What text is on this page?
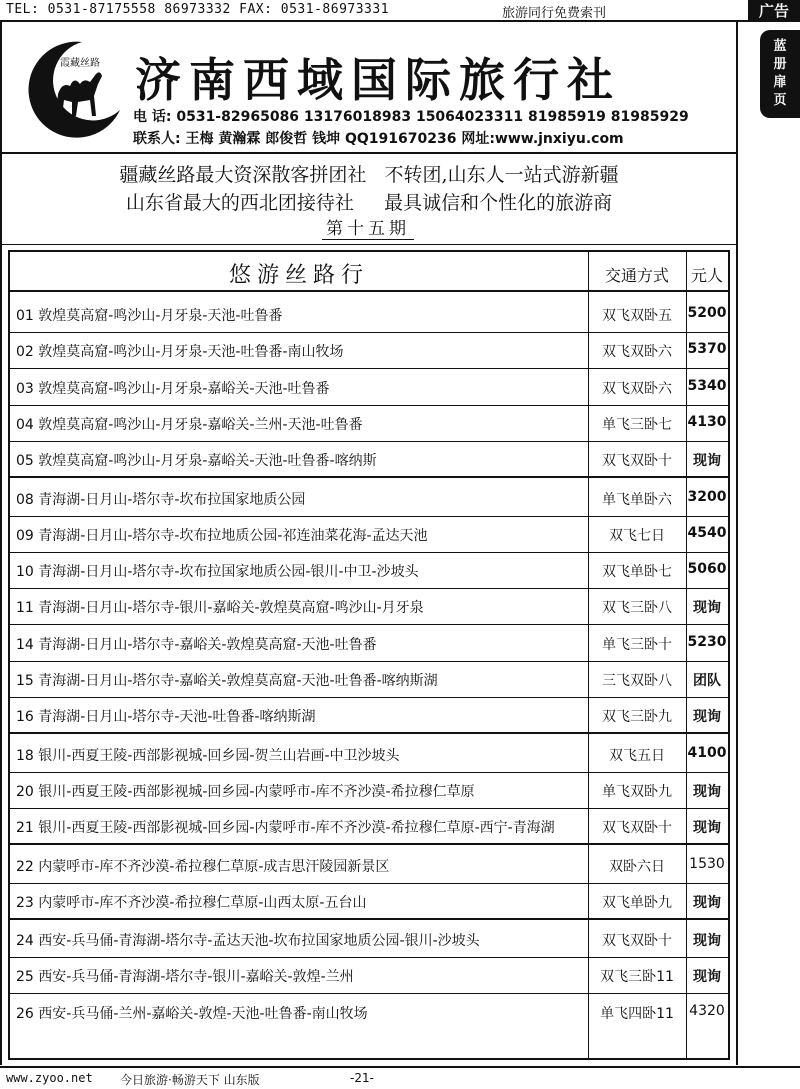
TEL: 0531-87175558 86973332 FAX: 0531-86973331	旅游同行免费索刊	广告
蓝
册
扉
页
霞藏丝路 济南西域国际旅行社
电 话: 0531-82965086 13176018983 15064023311 81985919 81985929
联系人: 王梅 黄瀚霖 郎俊哲 钱坤 QQ191670236 网址:www.jnxiyu.com
疆藏丝路最大资深散客拼团社   不转团,山东人一站式游新疆
山东省最大的西北团接待社     最具诚信和个性化的旅游商
第十五期
悠游丝路行	交通方式	元人
01 敦煌莫高窟-鸣沙山-月牙泉-天池-吐鲁番	双飞双卧五	5200
02 敦煌莫高窟-鸣沙山-月牙泉-天池-吐鲁番-南山牧场	双飞双卧六	5370
03 敦煌莫高窟-鸣沙山-月牙泉-嘉峪关-天池-吐鲁番	双飞双卧六	5340
04 敦煌莫高窟-鸣沙山-月牙泉-嘉峪关-兰州-天池-吐鲁番	单飞三卧七	4130
05 敦煌莫高窟-鸣沙山-月牙泉-嘉峪关-天池-吐鲁番-喀纳斯	双飞双卧十	现询
08 青海湖-日月山-塔尔寺-坎布拉国家地质公园	单飞单卧六	3200
09 青海湖-日月山-塔尔寺-坎布拉地质公园-祁连油菜花海-孟达天池	双飞七日	4540
10 青海湖-日月山-塔尔寺-坎布拉国家地质公园-银川-中卫-沙坡头	双飞单卧七	5060
11 青海湖-日月山-塔尔寺-银川-嘉峪关-敦煌莫高窟-鸣沙山-月牙泉	双飞三卧八	现询
14 青海湖-日月山-塔尔寺-嘉峪关-敦煌莫高窟-天池-吐鲁番	单飞三卧十	5230
15 青海湖-日月山-塔尔寺-嘉峪关-敦煌莫高窟-天池-吐鲁番-喀纳斯湖	三飞双卧八	团队
16 青海湖-日月山-塔尔寺-天池-吐鲁番-喀纳斯湖	双飞三卧九	现询
18 银川-西夏王陵-西部影视城-回乡园-贺兰山岩画-中卫沙坡头	双飞五日	4100
20 银川-西夏王陵-西部影视城-回乡园-内蒙呼市-库不齐沙漠-希拉穆仁草原	单飞双卧九	现询
21 银川-西夏王陵-西部影视城-回乡园-内蒙呼市-库不齐沙漠-希拉穆仁草原-西宁-青海湖	双飞双卧十	现询
22 内蒙呼市-库不齐沙漠-希拉穆仁草原-成吉思汗陵园新景区	双卧六日	1530
23 内蒙呼市-库不齐沙漠-希拉穆仁草原-山西太原-五台山	双飞单卧九	现询
24 西安-兵马俑-青海湖-塔尔寺-孟达天池-坎布拉国家地质公园-银川-沙坡头	双飞双卧十	现询
25 西安-兵马俑-青海湖-塔尔寺-银川-嘉峪关-敦煌-兰州	双飞三卧11	现询
26 西安-兵马俑-兰州-嘉峪关-敦煌-天池-吐鲁番-南山牧场	单飞四卧11	4320
www.zyoo.net 今日旅游·畅游天下 山东版	-21-
